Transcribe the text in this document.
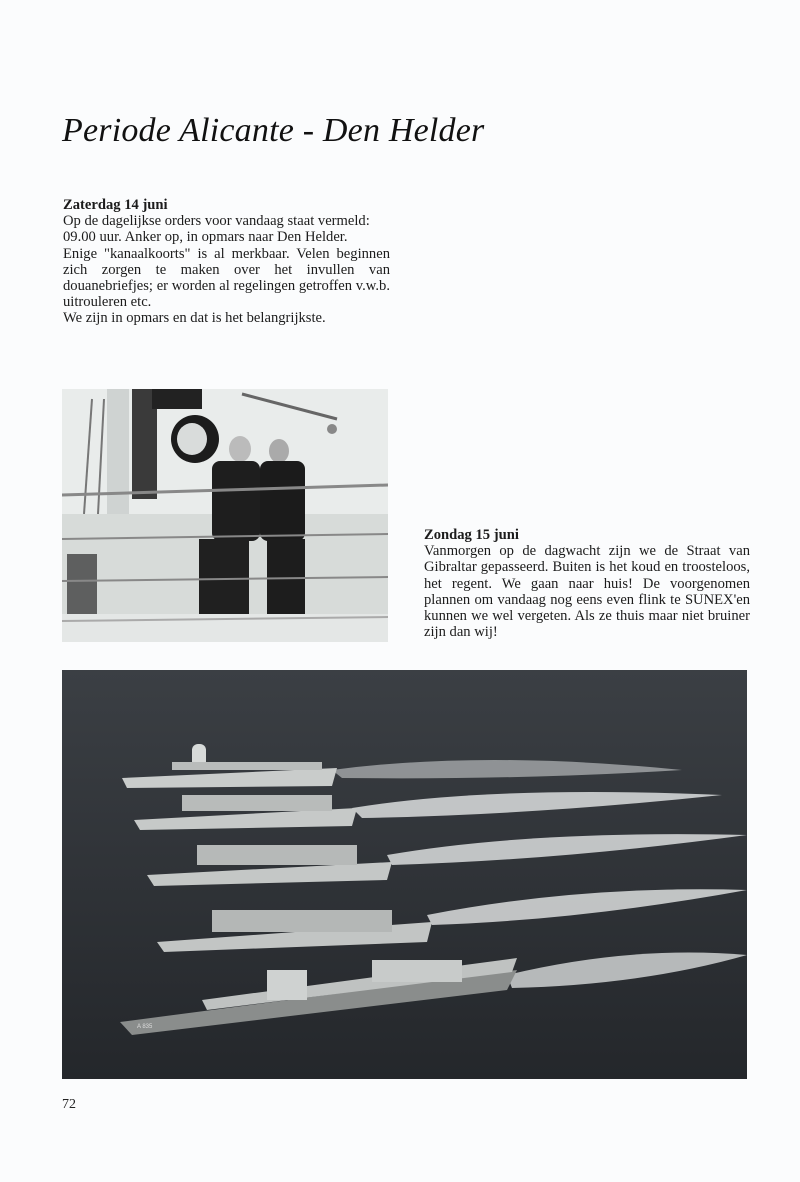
Periode Alicante - Den Helder
Zaterdag 14 juni

Op de dagelijkse orders voor vandaag staat vermeld:

09.00 uur. Anker op, in opmars naar Den Helder.

Enige "kanaalkoorts" is al merkbaar. Velen beginnen zich zorgen te maken over het invullen van douanebriefjes; er worden al regelingen getroffen v.w.b. uitrouleren etc.

We zijn in opmars en dat is het belangrijkste.

Zondag 15 juni

Vanmorgen op de dagwacht zijn we de Straat van Gibraltar gepasseerd. Buiten is het koud en troosteloos, het regent. We gaan naar huis! De voorgenomen plannen om vandaag nog eens even flink te SUNEX'en kunnen we wel vergeten. Als ze thuis maar niet bruiner zijn dan wij!

A 835
72
